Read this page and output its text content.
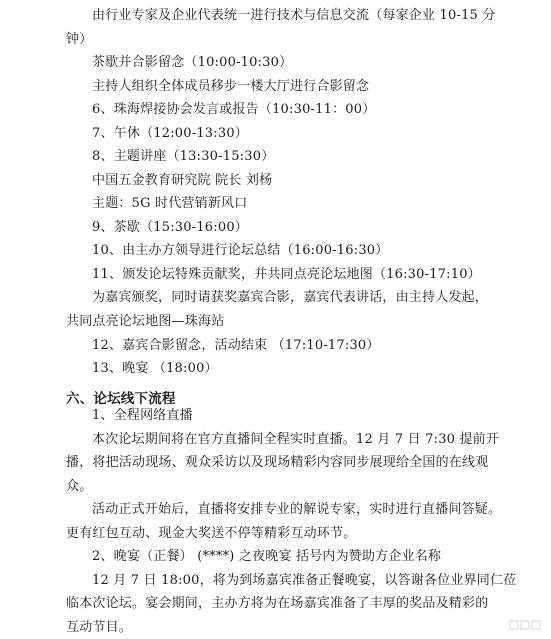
由行业专家及企业代表统一进行技术与信息交流（每家企业 10-15 分
钟）
茶歇并合影留念（10:00-10:30）
主持人组织全体成员移步一楼大厅进行合影留念
6、珠海焊接协会发言或报告（10:30-11：00）
7、午休（12:00-13:30）
8、主题讲座（13:30-15:30）
中国五金教育研究院 院长 刘杨
主题：5G 时代营销新风口
9、茶歇（15:30-16:00）
10、由主办方领导进行论坛总结（16:00-16:30）
11、颁发论坛特殊贡献奖，并共同点亮论坛地图（16:30-17:10）
为嘉宾颁奖，同时请获奖嘉宾合影，嘉宾代表讲话，由主持人发起，
共同点亮论坛地图—珠海站
12、嘉宾合影留念，活动结束 （17:10-17:30）
13、晚宴 （18:00）
六、论坛线下流程
1、全程网络直播
本次论坛期间将在官方直播间全程实时直播。12 月 7 日 7:30 提前开
播，将把活动现场、观众采访以及现场精彩内容同步展现给全国的在线观
众。
活动正式开始后，直播将安排专业的解说专家，实时进行直播间答疑。
更有红包互动、现金大奖送不停等精彩互动环节。
2、晚宴（正餐） (****) 之夜晚宴 括号内为赞助方企业名称
12 月 7 日 18:00，将为到场嘉宾准备正餐晚宴，以答谢各位业界同仁莅
临本次论坛。宴会期间，主办方将为在场嘉宾准备了丰厚的奖品及精彩的
互动节目。
